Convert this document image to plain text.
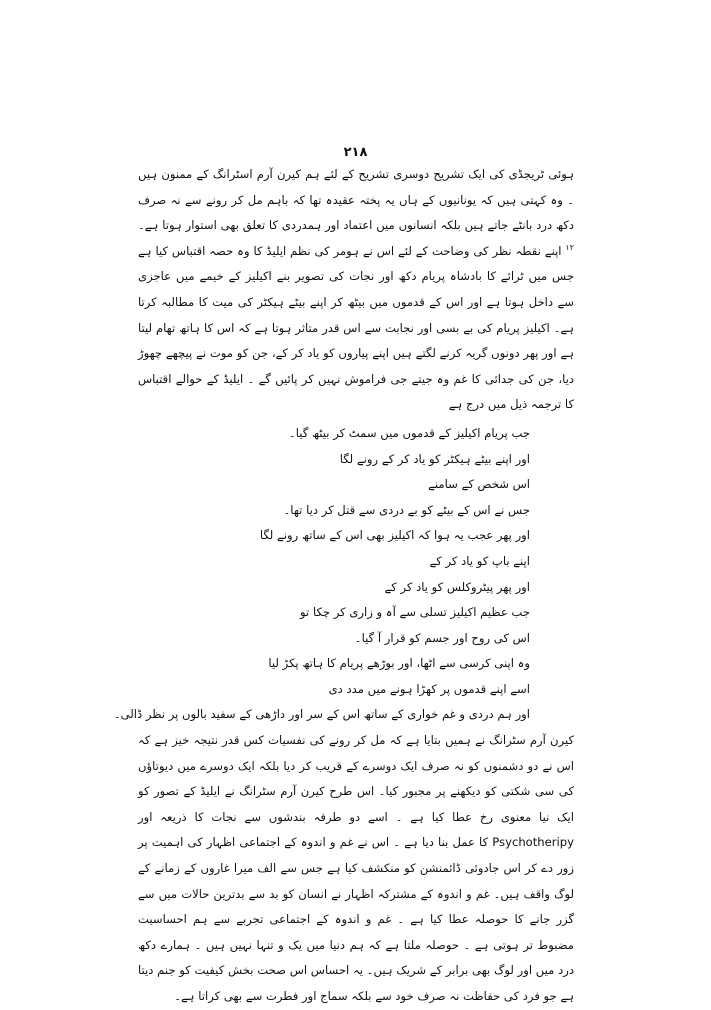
۲۱۸

ہوئی ٹریجڈی کی ایک تشریح دوسری تشریح کے لئے ہم کیرن آرم اسٹرانگ کے ممنون ہیں ۔ وہ کہتی ہیں کہ یونانیوں کے ہاں یہ پختہ عقیدہ تھا کہ باہم مل کر رونے سے نہ صرف دکھ درد بانٹے جاتے ہیں بلکہ انسانوں میں اعتماد اور ہمدردی کا تعلق بھی استوار ہوتا ہے۔$^{۱۲}$ اپنے نقطہ نظر کی وضاحت کے لئے اس نے ہومر کی نظم ایلیڈ کا وہ حصہ اقتباس کیا ہے جس میں ٹرائے کا بادشاہ پریام دکھ اور نجات کی تصویر بنے اکیلیز کے خیمے میں عاجزی سے داخل ہوتا ہے اور اس کے قدموں میں بیٹھ کر اپنے بیٹے ہیکٹر کی میت کا مطالبہ کرتا ہے۔ اکیلیز پریام کی بے بسی اور نجابت سے اس قدر متاثر ہوتا ہے کہ اس کا ہاتھ تھام لیتا ہے اور پھر دونوں گریہ کرنے لگتے ہیں اپنے پیاروں کو یاد کر کے، جن کو موت نے پیچھے چھوڑ دیا، جن کی جدائی کا غم وہ جیتے جی فراموش نہیں کر پائیں گے ۔ ایلیڈ کے حوالے اقتباس کا ترجمہ ذیل میں درج ہے

جب پریام اکیلیز کے قدموں میں سمٹ کر بیٹھ گیا۔
اور اپنے بیٹے ہیکٹر کو یاد کر کے رونے لگا
اس شخص کے سامنے
جس نے اس کے بیٹے کو بے دردی سے قتل کر دیا تھا۔
اور پھر عجب یہ ہوا کہ اکیلیز بھی اس کے ساتھ رونے لگا
اپنے باپ کو یاد کر کے
اور پھر پیٹروکلس کو یاد کر کے
جب عظیم اکیلیز تسلی سے آہ و زاری کر چکا تو
اس کی روح اور جسم کو قرار آ گیا۔
وہ اپنی کرسی سے اٹھا، اور بوڑھے پریام کا ہاتھ پکڑ لیا
اسے اپنے قدموں پر کھڑا ہونے میں مدد دی
اور ہم دردی و غم خواری کے ساتھ اس کے سر اور داڑھی کے سفید بالوں پر نظر ڈالی۔

کیرن آرم سٹرانگ نے ہمیں بتایا ہے کہ مل کر رونے کی نفسیات کس قدر نتیجہ خیز ہے کہ اس نے دو دشمنوں کو نہ صرف ایک دوسرے کے قریب کر دیا بلکہ ایک دوسرے میں دیوتاؤں کی سی شکتی کو دیکھنے پر مجبور کیا۔ اس طرح کیرن آرم سٹرانگ نے ایلیڈ کے تصور کو ایک نیا معنوی رخ عطا کیا ہے ۔ اسے دو طرفہ بندشوں سے نجات کا ذریعہ اور Psychotheripy کا عمل بنا دیا ہے ۔ اس نے غم و اندوہ کے اجتماعی اظہار کی اہمیت پر زور دے کر اس جادوئی ڈائمنشن کو منکشف کیا ہے جس سے الف میرا غاروں کے زمانے کے لوگ واقف ہیں۔ غم و اندوہ کے مشترکہ اظہار نے انسان کو بد سے بدترین حالات میں سے گزر جانے کا حوصلہ عطا کیا ہے ۔ غم و اندوہ کے اجتماعی تجربے سے ہم احساسیت مضبوط تر ہوتی ہے ۔ حوصلہ ملتا ہے کہ ہم دنیا میں یک و تنہا نہیں ہیں ۔ ہمارے دکھ درد میں اور لوگ بھی برابر کے شریک ہیں۔ یہ احساس اس صحت بخش کیفیت کو جنم دیتا ہے جو فرد کی حفاظت نہ صرف خود سے بلکہ سماج اور فطرت سے بھی کراتا ہے۔
